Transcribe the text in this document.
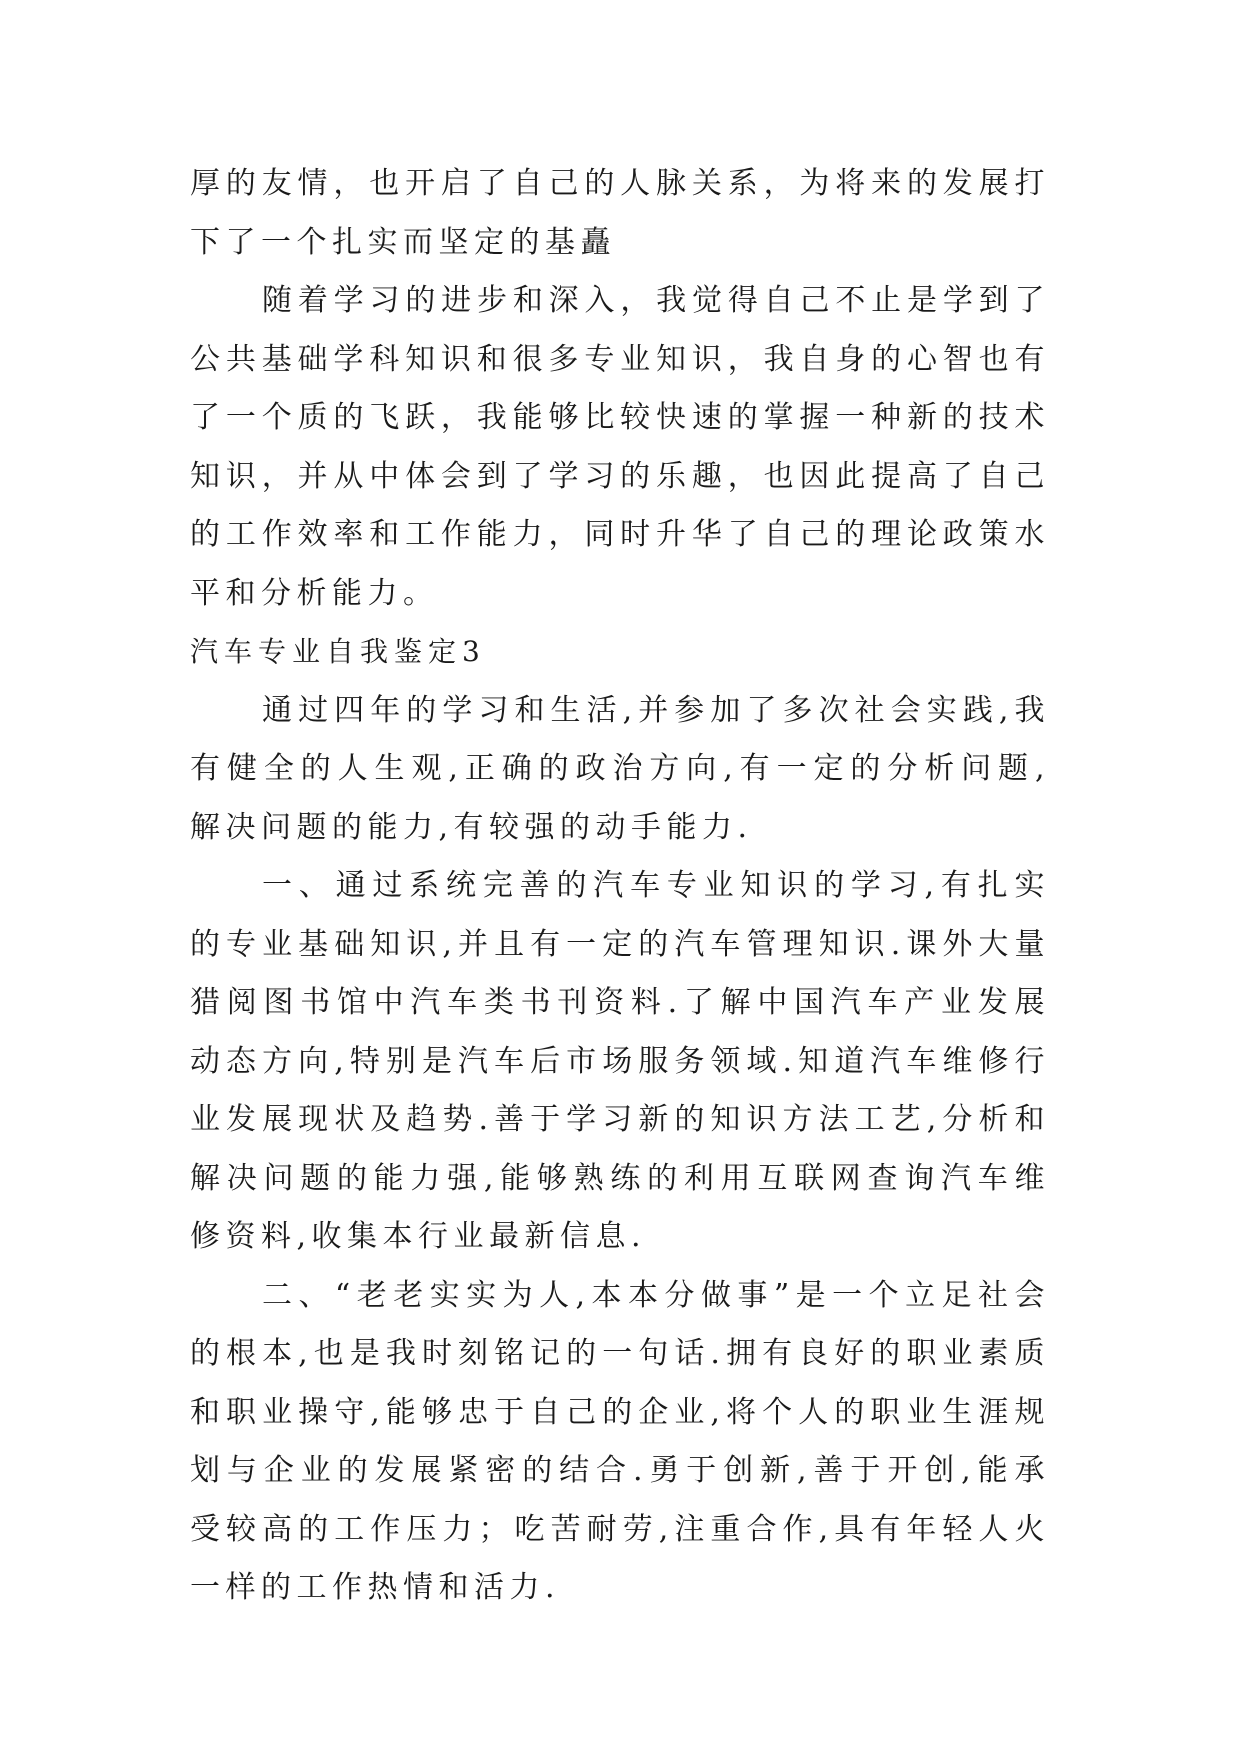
厚的友情，也开启了自己的人脉关系，为将来的发展打下了一个扎实而坚定的基矗

随着学习的进步和深入，我觉得自己不止是学到了公共基础学科知识和很多专业知识，我自身的心智也有了一个质的飞跃，我能够比较快速的掌握一种新的技术知识，并从中体会到了学习的乐趣，也因此提高了自己的工作效率和工作能力，同时升华了自己的理论政策水平和分析能力。

汽车专业自我鉴定3

通过四年的学习和生活,并参加了多次社会实践,我有健全的人生观,正确的政治方向,有一定的分析问题,解决问题的能力,有较强的动手能力.

一、通过系统完善的汽车专业知识的学习,有扎实的专业基础知识,并且有一定的汽车管理知识.课外大量猎阅图书馆中汽车类书刊资料.了解中国汽车产业发展动态方向,特别是汽车后市场服务领域.知道汽车维修行业发展现状及趋势.善于学习新的知识方法工艺,分析和解决问题的能力强,能够熟练的利用互联网查询汽车维修资料,收集本行业最新信息.

二、“老老实实为人,本本分做事”是一个立足社会的根本,也是我时刻铭记的一句话.拥有良好的职业素质和职业操守,能够忠于自己的企业,将个人的职业生涯规划与企业的发展紧密的结合.勇于创新,善于开创,能承受较高的工作压力；吃苦耐劳,注重合作,具有年轻人火一样的工作热情和活力.
